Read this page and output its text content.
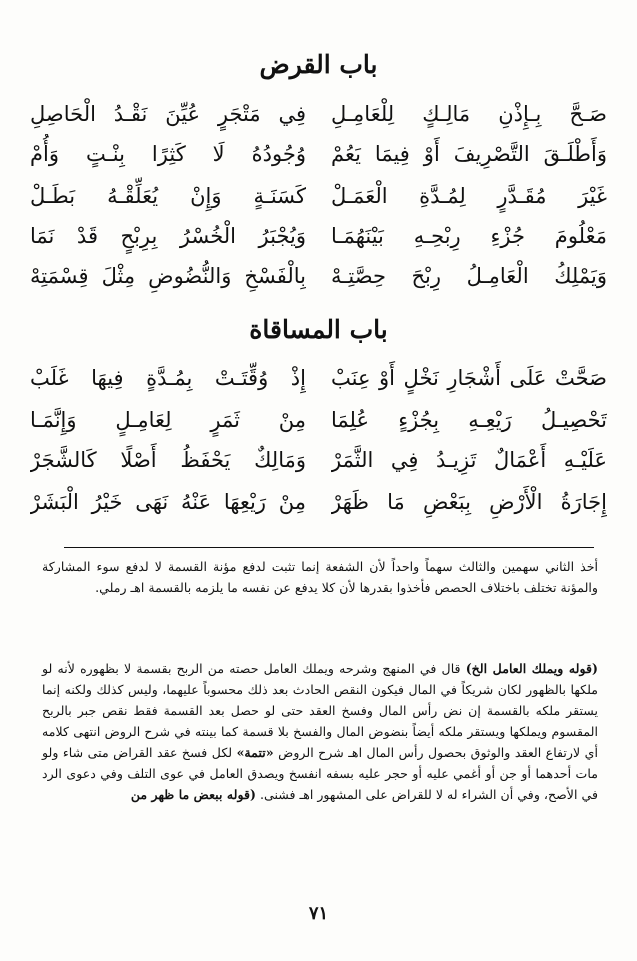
باب القرض
صَـحَّ بِـإِذْنِ مَالِـكٍ لِلْعَامِـلِ
فِي مَتْجَرٍ عُيِّنَ نَقْـدُ الْحَاصِلِ
وَأَطْلَـقَ التَّصْرِيفَ أَوْ فِيمَا يَعُمْ
وُجُودُهُ لَا كَثِرًا بِنْـتٍ وَأُمْ
غَيْرَ مُقَـدَّرٍ لِمُـدَّةِ الْعَمَـلْ
كَسَنَـةٍ وَإِنْ يُعَلِّقْـهُ بَطَـلْ
مَعْلُومَ جُزْءِ رِبْحِـهِ بَيْنَهُمَـا
وَيُجْبَرُ الْخُسْرُ بِرِبْحٍ قَدْ نَمَا
وَيَمْلِكُ الْعَامِـلُ رِبْحَ حِصَّتِـهْ
بِالْفَسْخِ وَالنُّضُوضِ مِثْلَ قِسْمَتِهْ
باب المساقاة
صَحَّتْ عَلَى أَشْجَارِ نَخْلٍ أَوْ عِنَبْ
إِذْ وُقِّتَـتْ بِمُـدَّةٍ فِيهَا غَلَبْ
تَحْصِيـلُ رَيْعِـهِ بِجُزْءٍ عُلِمَا
مِنْ ثَمَرٍ لِعَامِـلٍ وَإِنَّمَـا
عَلَيْـهِ أَعْمَالٌ تَزِيـدُ فِي الثَّمَرْ
وَمَالِكٌ يَحْفَظُ أَصْلًا كَالشَّجَرْ
إِجَارَةُ الْأَرْضِ بِبَعْضِ مَا ظَهَرْ
مِنْ رَيْعِهَا عَنْهُ نَهَى خَيْرُ الْبَشَرْ

أخذ الثاني سهمين والثالث سهماً واحداً لأن الشفعة إنما تثبت لدفع مؤنة القسمة لا لدفع سوء المشاركة والمؤنة تختلف باختلاف الحصص فأخذوا بقدرها لأن كلا يدفع عن نفسه ما يلزمه بالقسمة اهـ رملي.

(قوله ويملك العامل الخ) قال في المنهج وشرحه ويملك العامل حصته من الربح بقسمة لا بظهوره لأنه لو ملكها بالظهور لكان شريكاً في المال فيكون النقص الحادث بعد ذلك محسوباً عليهما، وليس كذلك ولكنه إنما يستقر ملكه بالقسمة إن نض رأس المال وفسخ العقد حتى لو حصل بعد القسمة فقط نقص جبر بالربح المقسوم ويملكها ويستقر ملكه أيضاً بنضوض المال والفسخ بلا قسمة كما بينته في شرح الروض انتهى كلامه أي لارتفاع العقد والوثوق بحصول رأس المال اهـ شرح الروض «تتمة» لكل فسخ عقد القراض متى شاء ولو مات أحدهما أو جن أو أغمي عليه أو حجر عليه بسفه انفسخ ويصدق العامل في عوى التلف وفي دعوى الرد في الأصح، وفي أن الشراء له لا للقراض على المشهور اهـ فشنى. (قوله ببعض ما ظهر من

٧١
